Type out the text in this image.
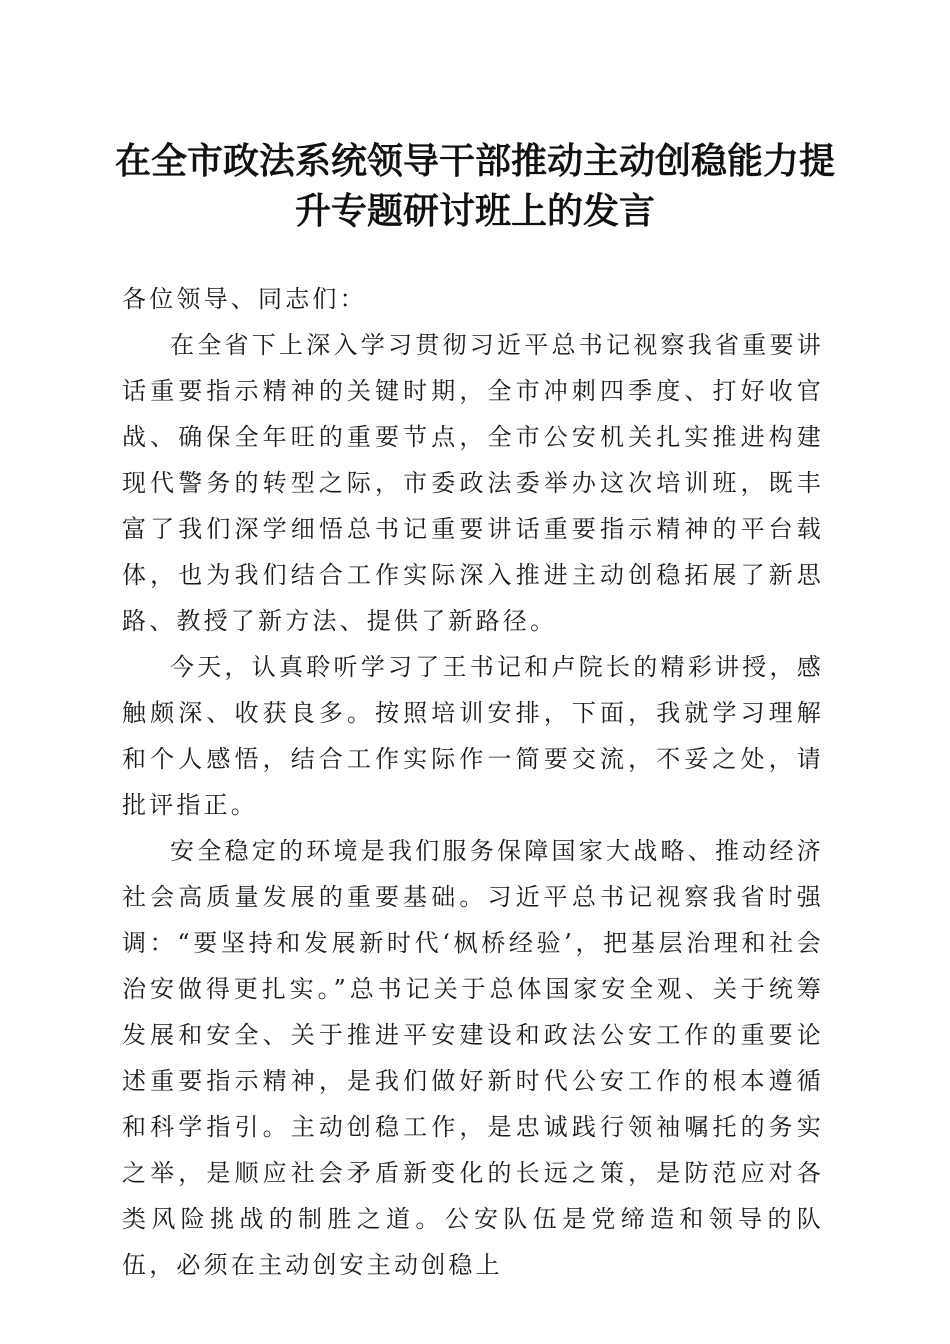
在全市政法系统领导干部推动主动创稳能力提
升专题研讨班上的发言

各位领导、同志们：

在全省下上深入学习贯彻习近平总书记视察我省重要讲话重要指示精神的关键时期，全市冲刺四季度、打好收官战、确保全年旺的重要节点，全市公安机关扎实推进构建现代警务的转型之际，市委政法委举办这次培训班，既丰富了我们深学细悟总书记重要讲话重要指示精神的平台载体，也为我们结合工作实际深入推进主动创稳拓展了新思路、教授了新方法、提供了新路径。

今天，认真聆听学习了王书记和卢院长的精彩讲授，感触颇深、收获良多。按照培训安排，下面，我就学习理解和个人感悟，结合工作实际作一简要交流，不妥之处，请批评指正。

安全稳定的环境是我们服务保障国家大战略、推动经济社会高质量发展的重要基础。习近平总书记视察我省时强调：“要坚持和发展新时代‘枫桥经验’，把基层治理和社会治安做得更扎实。”总书记关于总体国家安全观、关于统筹发展和安全、关于推进平安建设和政法公安工作的重要论述重要指示精神，是我们做好新时代公安工作的根本遵循和科学指引。主动创稳工作，是忠诚践行领袖嘱托的务实之举，是顺应社会矛盾新变化的长远之策，是防范应对各类风险挑战的制胜之道。公安队伍是党缔造和领导的队伍，必须在主动创安主动创稳上
